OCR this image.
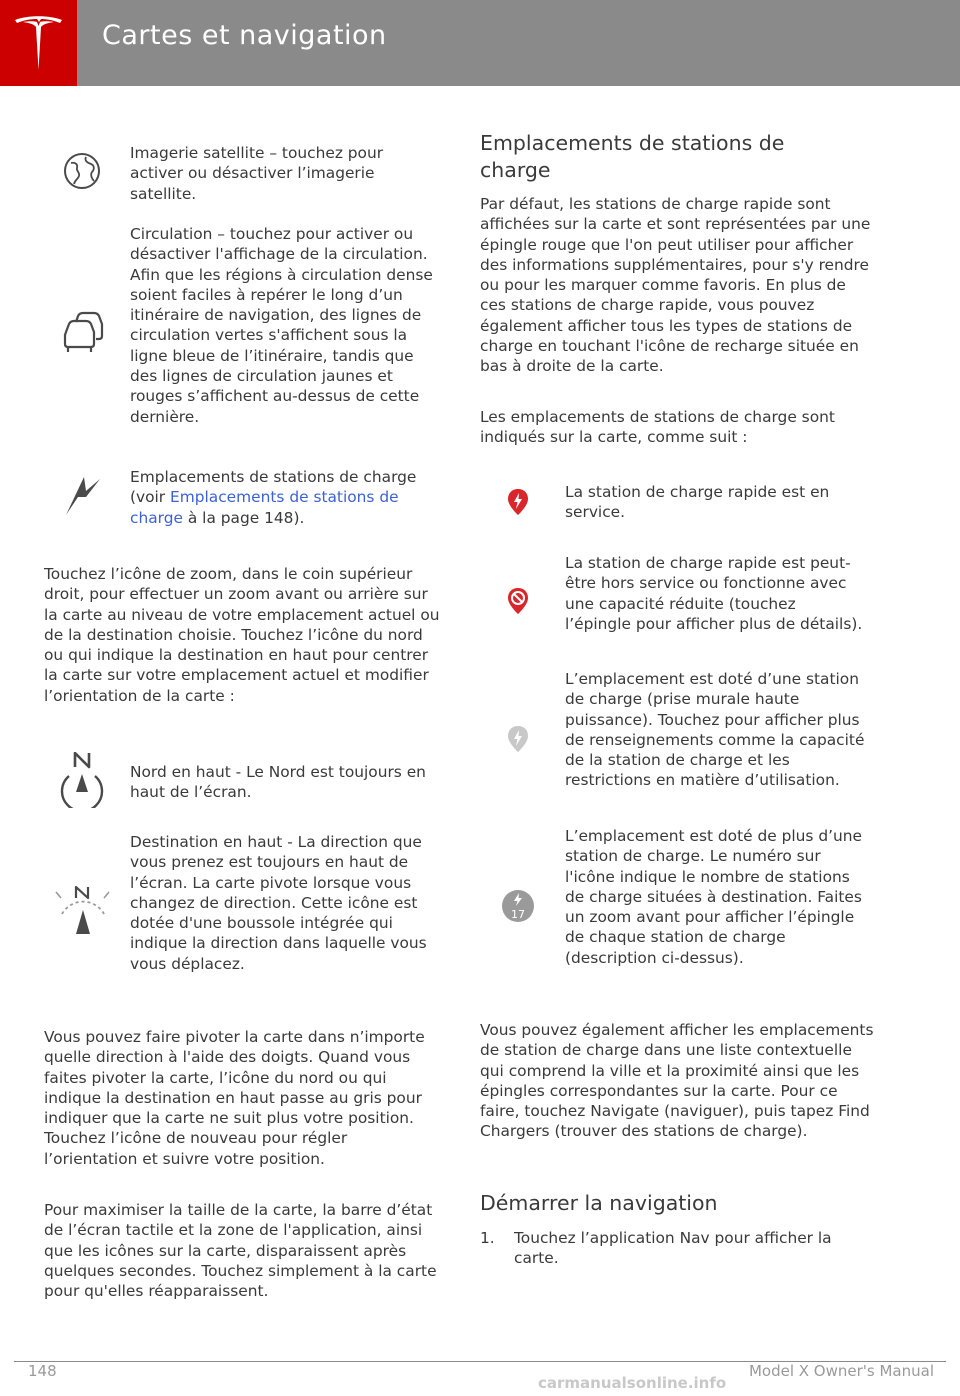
Cartes et navigation
Imagerie satellite – touchez pour activer ou désactiver l’imagerie satellite.
Circulation – touchez pour activer ou désactiver l'affichage de la circulation. Afin que les régions à circulation dense soient faciles à repérer le long d’un itinéraire de navigation, des lignes de circulation vertes s'affichent sous la ligne bleue de l’itinéraire, tandis que des lignes de circulation jaunes et rouges s’affichent au-dessus de cette dernière.
Emplacements de stations de charge (voir Emplacements de stations de charge à la page 148).

Touchez l’icône de zoom, dans le coin supérieur droit, pour effectuer un zoom avant ou arrière sur la carte au niveau de votre emplacement actuel ou de la destination choisie. Touchez l’icône du nord ou qui indique la destination en haut pour centrer la carte sur votre emplacement actuel et modifier l’orientation de la carte :

Nord en haut - Le Nord est toujours en haut de l’écran.
Destination en haut - La direction que vous prenez est toujours en haut de l’écran. La carte pivote lorsque vous changez de direction. Cette icône est dotée d'une boussole intégrée qui indique la direction dans laquelle vous vous déplacez.

Vous pouvez faire pivoter la carte dans n’importe quelle direction à l'aide des doigts. Quand vous faites pivoter la carte, l’icône du nord ou qui indique la destination en haut passe au gris pour indiquer que la carte ne suit plus votre position. Touchez l’icône de nouveau pour régler l’orientation et suivre votre position.

Pour maximiser la taille de la carte, la barre d’état de l’écran tactile et la zone de l'application, ainsi que les icônes sur la carte, disparaissent après quelques secondes. Touchez simplement à la carte pour qu'elles réapparaissent.

Emplacements de stations de charge

Par défaut, les stations de charge rapide sont affichées sur la carte et sont représentées par une épingle rouge que l'on peut utiliser pour afficher des informations supplémentaires, pour s'y rendre ou pour les marquer comme favoris. En plus de ces stations de charge rapide, vous pouvez également afficher tous les types de stations de charge en touchant l'icône de recharge située en bas à droite de la carte.

Les emplacements de stations de charge sont indiqués sur la carte, comme suit :

La station de charge rapide est en service.
La station de charge rapide est peut-être hors service ou fonctionne avec une capacité réduite (touchez l’épingle pour afficher plus de détails).
L’emplacement est doté d’une station de charge (prise murale haute puissance). Touchez pour afficher plus de renseignements comme la capacité de la station de charge et les restrictions en matière d’utilisation.
17
L’emplacement est doté de plus d’une station de charge. Le numéro sur l'icône indique le nombre de stations de charge situées à destination. Faites un zoom avant pour afficher l’épingle de chaque station de charge (description ci-dessus).

Vous pouvez également afficher les emplacements de station de charge dans une liste contextuelle qui comprend la ville et la proximité ainsi que les épingles correspondantes sur la carte. Pour ce faire, touchez Navigate (naviguer), puis tapez Find Chargers (trouver des stations de charge).

Démarrer la navigation
1. Touchez l’application Nav pour afficher la carte.
148	Model X Owner's Manual
carmanualsonline.info
